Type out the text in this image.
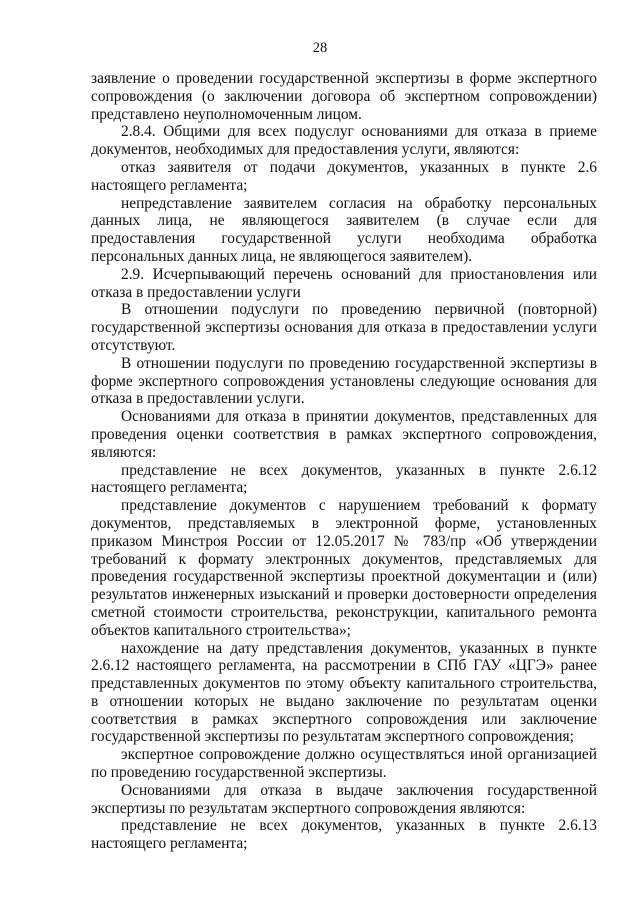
28

заявление о проведении государственной экспертизы в форме экспертного сопровождения (о заключении договора об экспертном сопровождении) представлено неуполномоченным лицом.

2.8.4. Общими для всех подуслуг основаниями для отказа в приеме документов, необходимых для предоставления услуги, являются:

отказ заявителя от подачи документов, указанных в пункте 2.6 настоящего регламента;

непредставление заявителем согласия на обработку персональных данных лица, не являющегося заявителем (в случае если для предоставления государственной услуги необходима обработка персональных данных лица, не являющегося заявителем).

2.9. Исчерпывающий перечень оснований для приостановления или отказа в предоставлении услуги

В отношении подуслуги по проведению первичной (повторной) государственной экспертизы основания для отказа в предоставлении услуги отсутствуют.

В отношении подуслуги по проведению государственной экспертизы в форме экспертного сопровождения установлены следующие основания для отказа в предоставлении услуги.

Основаниями для отказа в принятии документов, представленных для проведения оценки соответствия в рамках экспертного сопровождения, являются:

представление не всех документов, указанных в пункте 2.6.12 настоящего регламента;

представление документов с нарушением требований к формату документов, представляемых в электронной форме, установленных приказом Минстроя России от 12.05.2017 № 783/пр «Об утверждении требований к формату электронных документов, представляемых для проведения государственной экспертизы проектной документации и (или) результатов инженерных изысканий и проверки достоверности определения сметной стоимости строительства, реконструкции, капитального ремонта объектов капитального строительства»;

нахождение на дату представления документов, указанных в пункте 2.6.12 настоящего регламента, на рассмотрении в СПб ГАУ «ЦГЭ» ранее представленных документов по этому объекту капитального строительства, в отношении которых не выдано заключение по результатам оценки соответствия в рамках экспертного сопровождения или заключение государственной экспертизы по результатам экспертного сопровождения;

экспертное сопровождение должно осуществляться иной организацией по проведению государственной экспертизы.

Основаниями для отказа в выдаче заключения государственной экспертизы по результатам экспертного сопровождения являются:

представление не всех документов, указанных в пункте 2.6.13 настоящего регламента;
